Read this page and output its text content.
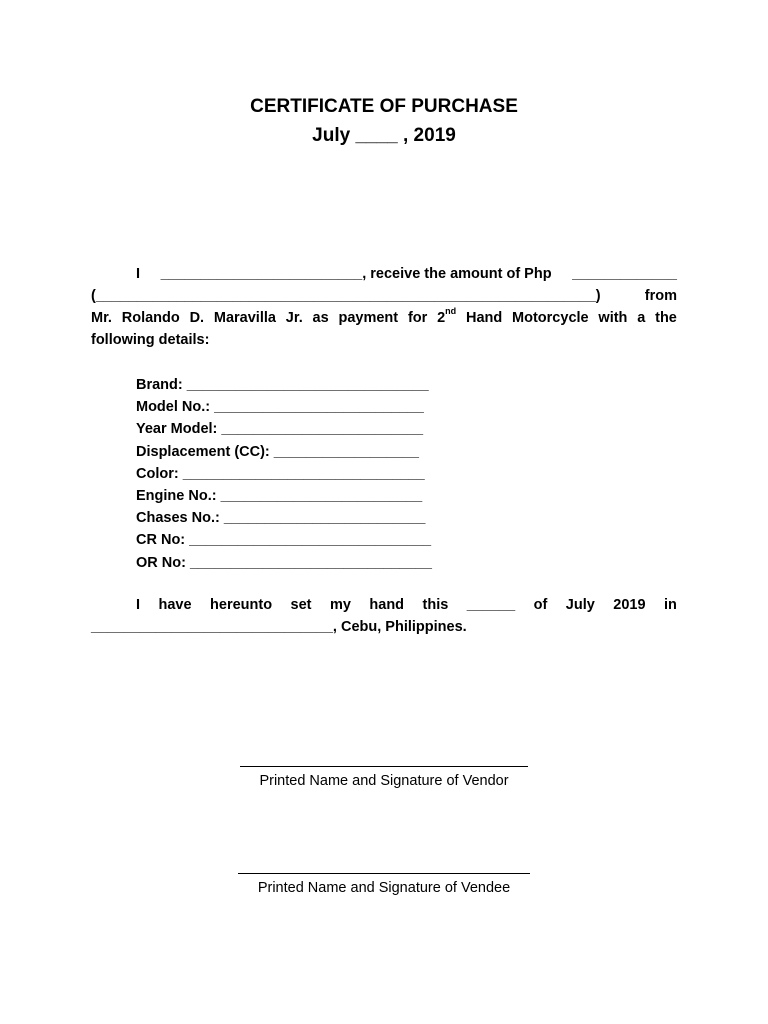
CERTIFICATE OF PURCHASE
July ____ , 2019
I _________________________, receive the amount of Php _____________
(______________________________________________________________)	from
Mr. Rolando D. Maravilla Jr. as payment for 2nd Hand Motorcycle with a the
following details:
Brand: ______________________________
Model No.: __________________________
Year Model: _________________________
Displacement (CC): __________________
Color: ______________________________
Engine No.: _________________________
Chases No.: _________________________
CR No: ______________________________
OR No: ______________________________
I have hereunto set my hand this ______ of July 2019 in
______________________________, Cebu, Philippines.
Printed Name and Signature of Vendor
Printed Name and Signature of Vendee
